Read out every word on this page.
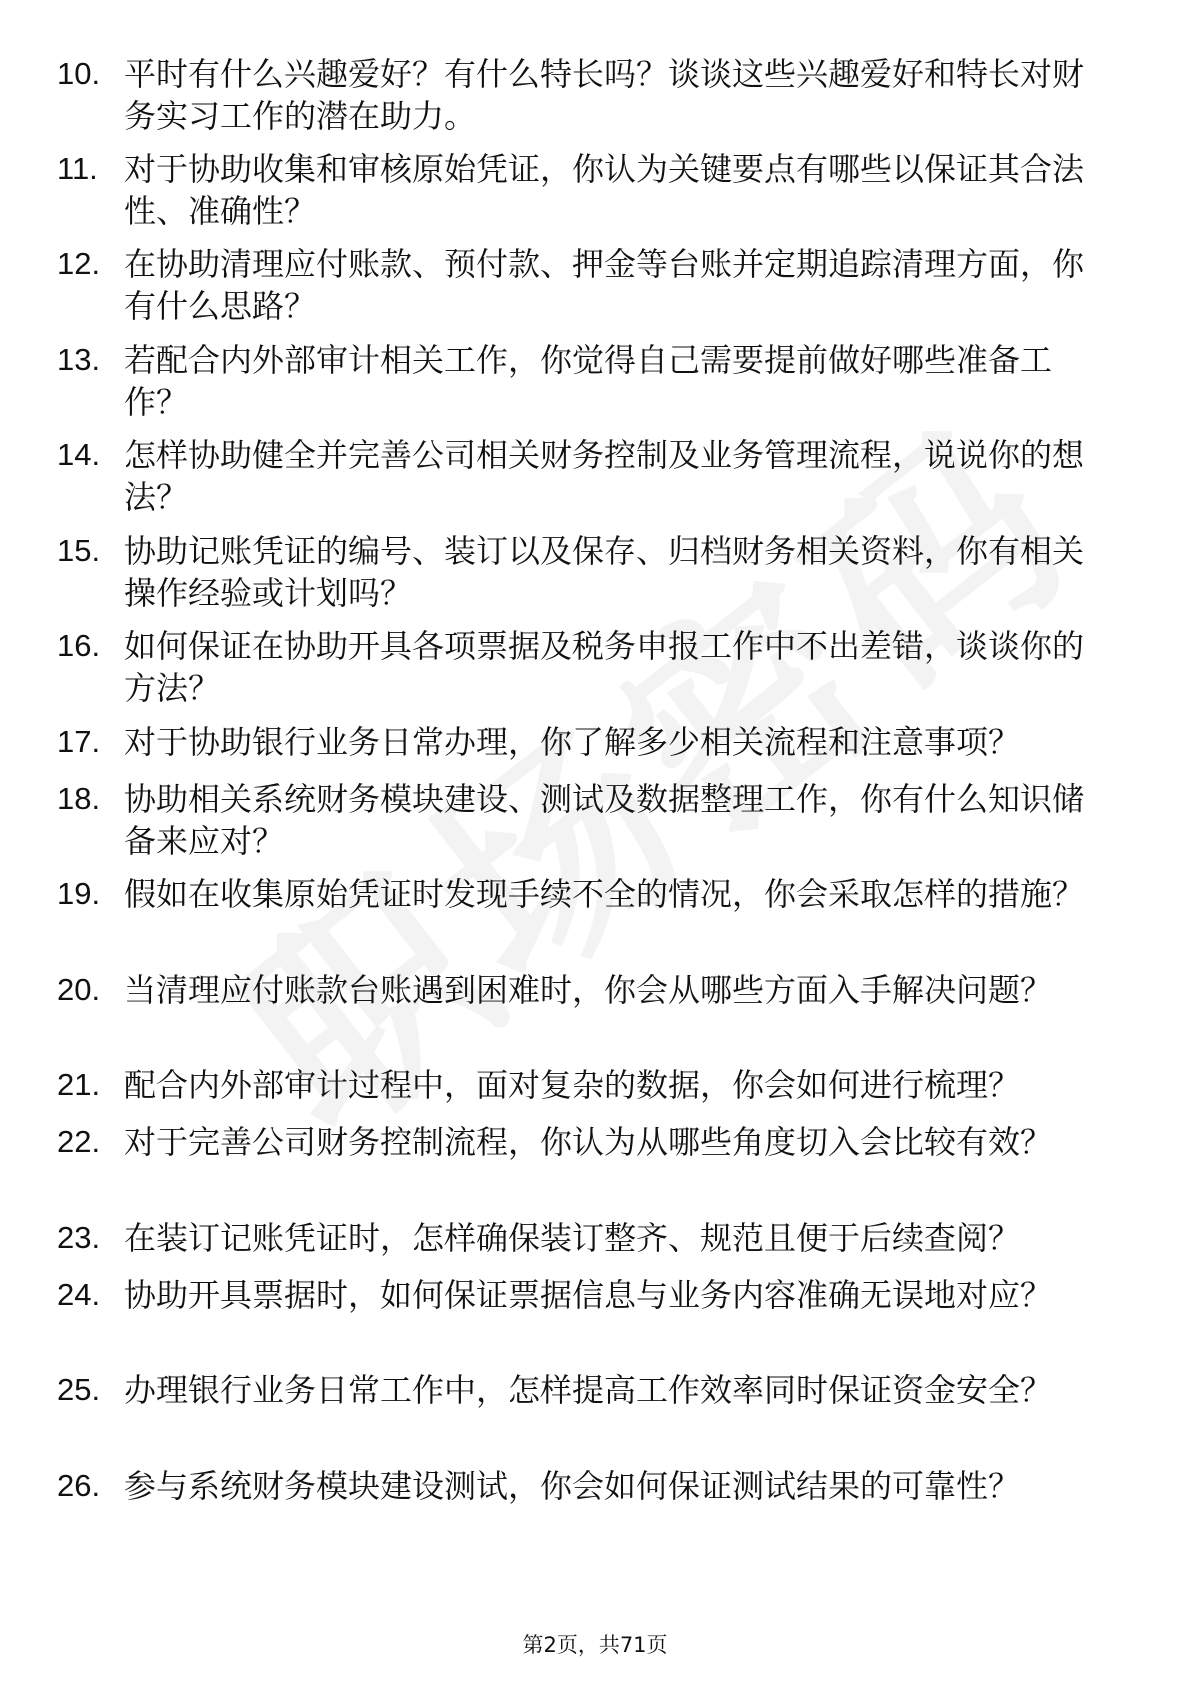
10. 平时有什么兴趣爱好？有什么特长吗？谈谈这些兴趣爱好和特长对财务实习工作的潜在助力。
11. 对于协助收集和审核原始凭证，你认为关键要点有哪些以保证其合法性、准确性？
12. 在协助清理应付账款、预付款、押金等台账并定期追踪清理方面，你有什么思路？
13. 若配合内外部审计相关工作，你觉得自己需要提前做好哪些准备工作？
14. 怎样协助健全并完善公司相关财务控制及业务管理流程，说说你的想法？
15. 协助记账凭证的编号、装订以及保存、归档财务相关资料，你有相关操作经验或计划吗？
16. 如何保证在协助开具各项票据及税务申报工作中不出差错，谈谈你的方法？
17. 对于协助银行业务日常办理，你了解多少相关流程和注意事项？
18. 协助相关系统财务模块建设、测试及数据整理工作，你有什么知识储备来应对？
19. 假如在收集原始凭证时发现手续不全的情况，你会采取怎样的措施？
20. 当清理应付账款台账遇到困难时，你会从哪些方面入手解决问题？
21. 配合内外部审计过程中，面对复杂的数据，你会如何进行梳理？
22. 对于完善公司财务控制流程，你认为从哪些角度切入会比较有效？
23. 在装订记账凭证时，怎样确保装订整齐、规范且便于后续查阅？
24. 协助开具票据时，如何保证票据信息与业务内容准确无误地对应？
25. 办理银行业务日常工作中，怎样提高工作效率同时保证资金安全？
26. 参与系统财务模块建设测试，你会如何保证测试结果的可靠性？
第2页，共71页
